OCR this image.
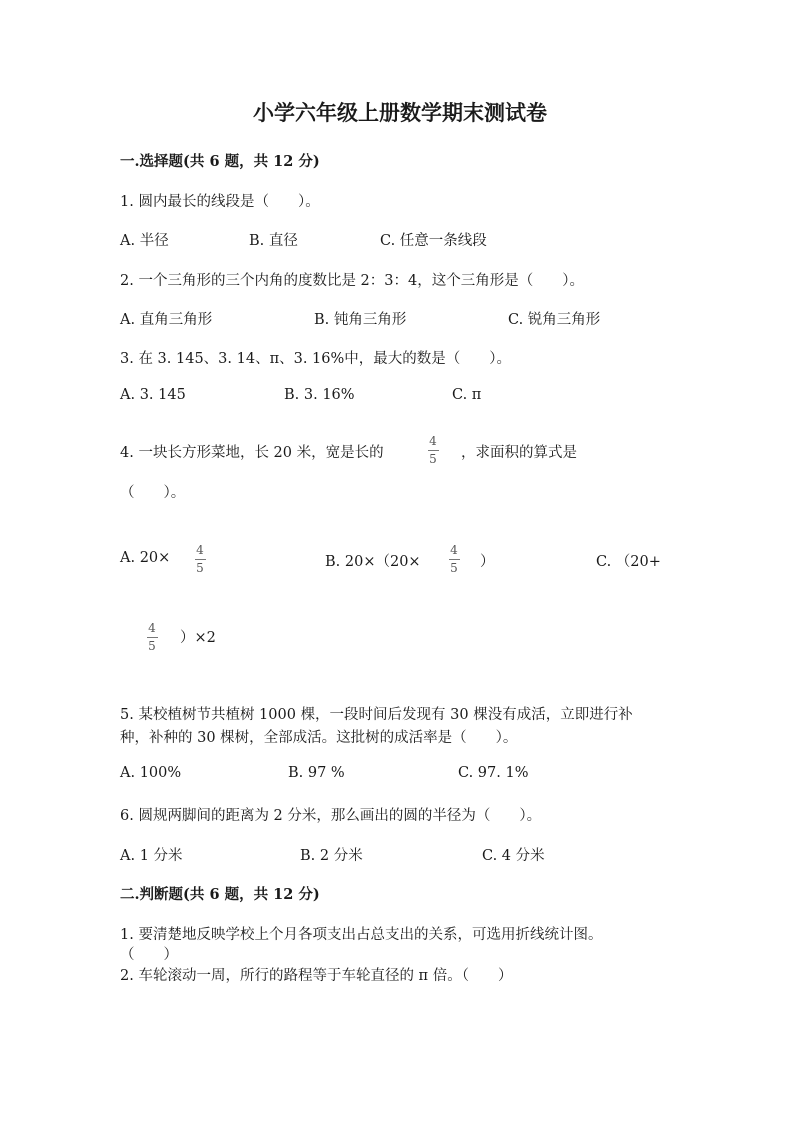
小学六年级上册数学期末测试卷
一.选择题(共 6 题，共 12 分)
1. 圆内最长的线段是（　　）。
A. 半径	B. 直径	C. 任意一条线段
2. 一个三角形的三个内角的度数比是 2：3：4，这个三角形是（　　）。
A. 直角三角形	B. 钝角三角形	C. 锐角三角形
3. 在 3. 145、3. 14、π、3. 16%中，最大的数是（　　）。
A. 3. 145	B. 3. 16%	C. π
4. 一块长方形菜地，长 20 米，宽是长的
4
5 ，求面积的算式是
（　　）。
A. 20× 4
5	B. 20×（20×
4
5 ）	C. （20+
4
5 ）×2
5. 某校植树节共植树 1000 棵，一段时间后发现有 30 棵没有成活，立即进行补
种，补种的 30 棵树，全部成活。这批树的成活率是（　　）。
A. 100%	B. 97 %	C. 97. 1%
6. 圆规两脚间的距离为 2 分米，那么画出的圆的半径为（　　）。
A. 1 分米	B. 2 分米	C. 4 分米
二.判断题(共 6 题，共 12 分)
1. 要清楚地反映学校上个月各项支出占总支出的关系，可选用折线统计图。
（　　）
2. 车轮滚动一周，所行的路程等于车轮直径的 π 倍。（　　）
